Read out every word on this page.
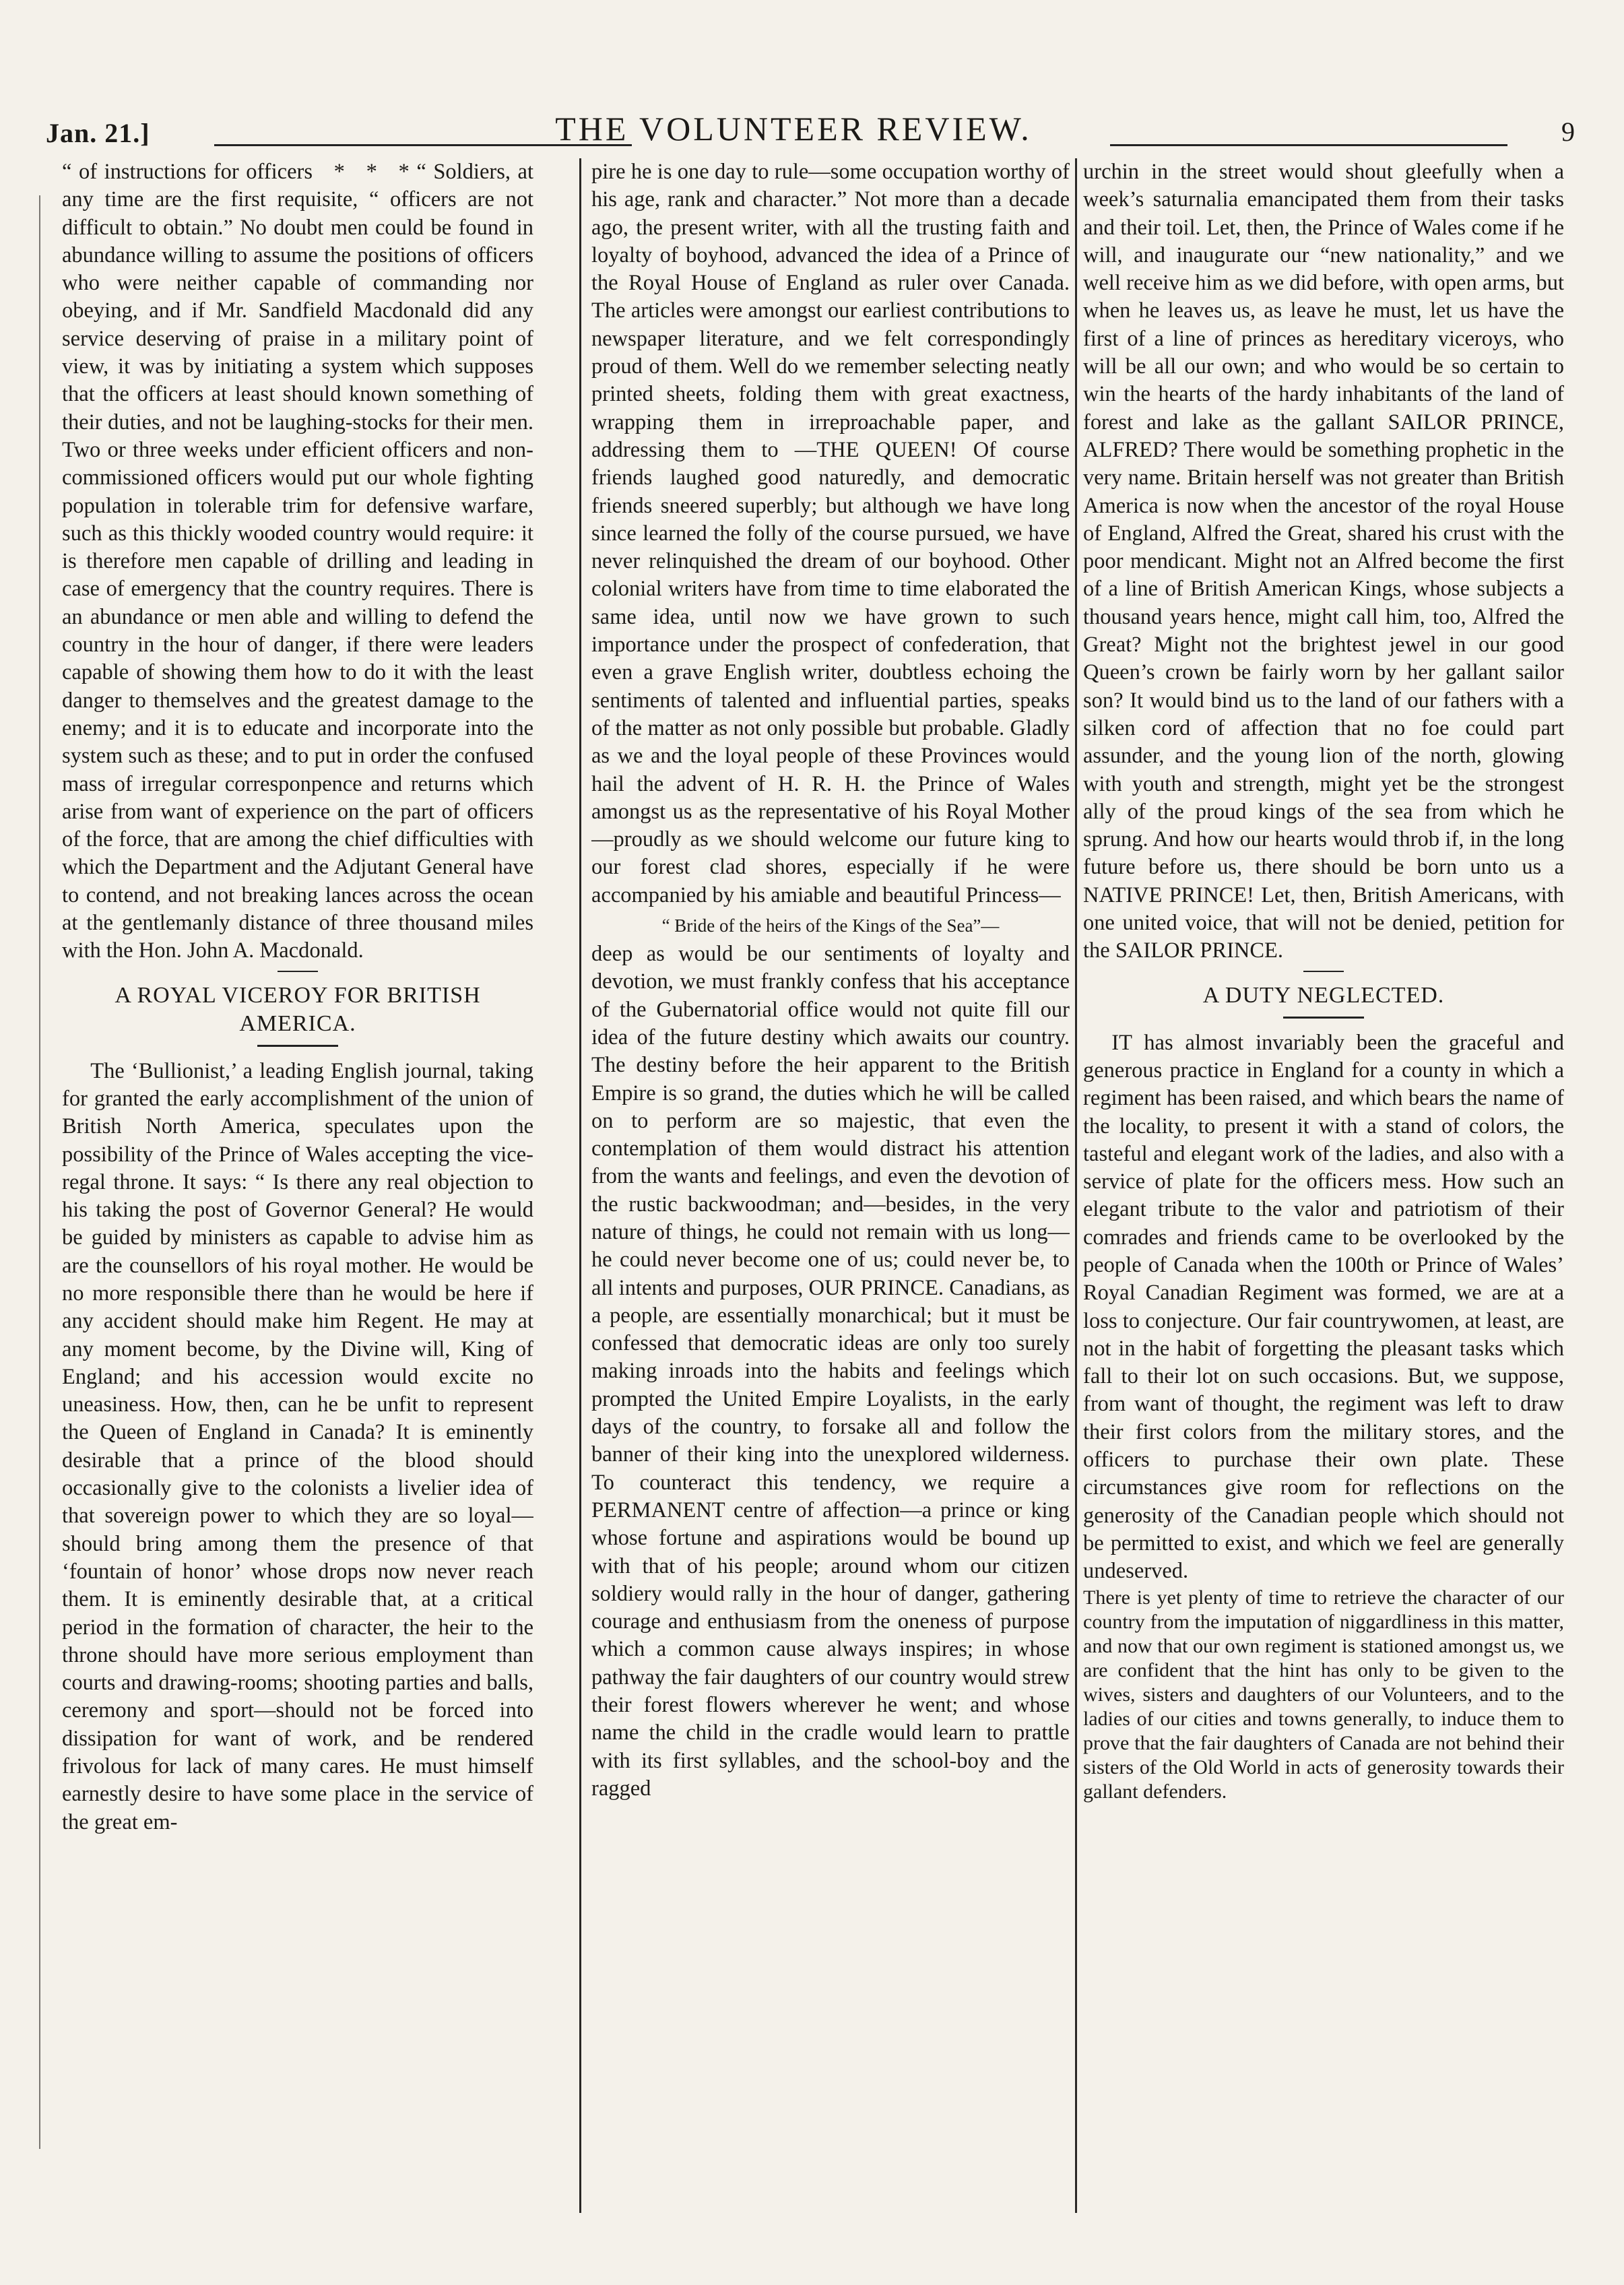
Jan. 21.]	THE VOLUNTEER REVIEW.	9

“ of instructions for officers   *   *   * “ Soldiers, at any time are the first requisite, “ officers are not difficult to obtain.” No doubt men could be found in abundance willing to assume the positions of officers who were neither capable of commanding nor obeying, and if Mr. Sandfield Macdonald did any service deserving of praise in a military point of view, it was by initiating a system which supposes that the officers at least should known something of their duties, and not be laughing-stocks for their men. Two or three weeks under efficient officers and non-commissioned officers would put our whole fighting population in tolerable trim for defensive warfare, such as this thickly wooded country would require: it is therefore men capable of drilling and leading in case of emergency that the country requires. There is an abundance or men able and willing to defend the country in the hour of danger, if there were leaders capable of showing them how to do it with the least danger to themselves and the greatest damage to the enemy; and it is to educate and incorporate into the system such as these; and to put in order the confused mass of irregular corresponpence and returns which arise from want of experience on the part of officers of the force, that are among the chief difficulties with which the Department and the Adjutant General have to contend, and not breaking lances across the ocean at the gentlemanly distance of three thousand miles with the Hon. John A. Macdonald.

A ROYAL VICEROY FOR BRITISH AMERICA.

The ‘Bullionist,’ a leading English journal, taking for granted the early accomplishment of the union of British North America, speculates upon the possibility of the Prince of Wales accepting the vice-regal throne. It says: “ Is there any real objection to his taking the post of Governor General? He would be guided by ministers as capable to advise him as are the counsellors of his royal mother. He would be no more responsible there than he would be here if any accident should make him Regent. He may at any moment become, by the Divine will, King of England; and his accession would excite no uneasiness. How, then, can he be unfit to represent the Queen of England in Canada? It is eminently desirable that a prince of the blood should occasionally give to the colonists a livelier idea of that sovereign power to which they are so loyal—should bring among them the presence of that ‘fountain of honor’ whose drops now never reach them. It is eminently desirable that, at a critical period in the formation of character, the heir to the throne should have more serious employment than courts and drawing-rooms; shooting parties and balls, ceremony and sport—should not be forced into dissipation for want of work, and be rendered frivolous for lack of many cares. He must himself earnestly desire to have some place in the service of the great em-

pire he is one day to rule—some occupation worthy of his age, rank and character.” Not more than a decade ago, the present writer, with all the trusting faith and loyalty of boyhood, advanced the idea of a Prince of the Royal House of England as ruler over Canada. The articles were amongst our earliest contributions to newspaper literature, and we felt correspondingly proud of them. Well do we remember selecting neatly printed sheets, folding them with great exactness, wrapping them in irreproachable paper, and addressing them to —THE QUEEN! Of course friends laughed good naturedly, and democratic friends sneered superbly; but although we have long since learned the folly of the course pursued, we have never relinquished the dream of our boyhood. Other colonial writers have from time to time elaborated the same idea, until now we have grown to such importance under the prospect of confederation, that even a grave English writer, doubtless echoing the sentiments of talented and influential parties, speaks of the matter as not only possible but probable. Gladly as we and the loyal people of these Provinces would hail the advent of H. R. H. the Prince of Wales amongst us as the representative of his Royal Mother—proudly as we should welcome our future king to our forest clad shores, especially if he were accompanied by his amiable and beautiful Princess—

“ Bride of the heirs of the Kings of the Sea”—

deep as would be our sentiments of loyalty and devotion, we must frankly confess that his acceptance of the Gubernatorial office would not quite fill our idea of the future destiny which awaits our country. The destiny before the heir apparent to the British Empire is so grand, the duties which he will be called on to perform are so majestic, that even the contemplation of them would distract his attention from the wants and feelings, and even the devotion of the rustic backwoodman; and—besides, in the very nature of things, he could not remain with us long—he could never become one of us; could never be, to all intents and purposes, OUR PRINCE. Canadians, as a people, are essentially monarchical; but it must be confessed that democratic ideas are only too surely making inroads into the habits and feelings which prompted the United Empire Loyalists, in the early days of the country, to forsake all and follow the banner of their king into the unexplored wilderness. To counteract this tendency, we require a PERMANENT centre of affection—a prince or king whose fortune and aspirations would be bound up with that of his people; around whom our citizen soldiery would rally in the hour of danger, gathering courage and enthusiasm from the oneness of purpose which a common cause always inspires; in whose pathway the fair daughters of our country would strew their forest flowers wherever he went; and whose name the child in the cradle would learn to prattle with its first syllables, and the school-boy and the ragged

urchin in the street would shout gleefully when a week’s saturnalia emancipated them from their tasks and their toil. Let, then, the Prince of Wales come if he will, and inaugurate our “new nationality,” and we well receive him as we did before, with open arms, but when he leaves us, as leave he must, let us have the first of a line of princes as hereditary viceroys, who will be all our own; and who would be so certain to win the hearts of the hardy inhabitants of the land of forest and lake as the gallant SAILOR PRINCE, ALFRED? There would be something prophetic in the very name. Britain herself was not greater than British America is now when the ancestor of the royal House of England, Alfred the Great, shared his crust with the poor mendicant. Might not an Alfred become the first of a line of British American Kings, whose subjects a thousand years hence, might call him, too, Alfred the Great? Might not the brightest jewel in our good Queen’s crown be fairly worn by her gallant sailor son? It would bind us to the land of our fathers with a silken cord of affection that no foe could part assunder, and the young lion of the north, glowing with youth and strength, might yet be the strongest ally of the proud kings of the sea from which he sprung. And how our hearts would throb if, in the long future before us, there should be born unto us a NATIVE PRINCE! Let, then, British Americans, with one united voice, that will not be denied, petition for the SAILOR PRINCE.

A DUTY NEGLECTED.

IT has almost invariably been the graceful and generous practice in England for a county in which a regiment has been raised, and which bears the name of the locality, to present it with a stand of colors, the tasteful and elegant work of the ladies, and also with a service of plate for the officers mess. How such an elegant tribute to the valor and patriotism of their comrades and friends came to be overlooked by the people of Canada when the 100th or Prince of Wales’ Royal Canadian Regiment was formed, we are at a loss to conjecture. Our fair countrywomen, at least, are not in the habit of forgetting the pleasant tasks which fall to their lot on such occasions. But, we suppose, from want of thought, the regiment was left to draw their first colors from the military stores, and the officers to purchase their own plate. These circumstances give room for reflections on the generosity of the Canadian people which should not be permitted to exist, and which we feel are generally undeserved.

There is yet plenty of time to retrieve the character of our country from the imputation of niggardliness in this matter, and now that our own regiment is stationed amongst us, we are confident that the hint has only to be given to the wives, sisters and daughters of our Volunteers, and to the ladies of our cities and towns generally, to induce them to prove that the fair daughters of Canada are not behind their sisters of the Old World in acts of generosity towards their gallant defenders.
